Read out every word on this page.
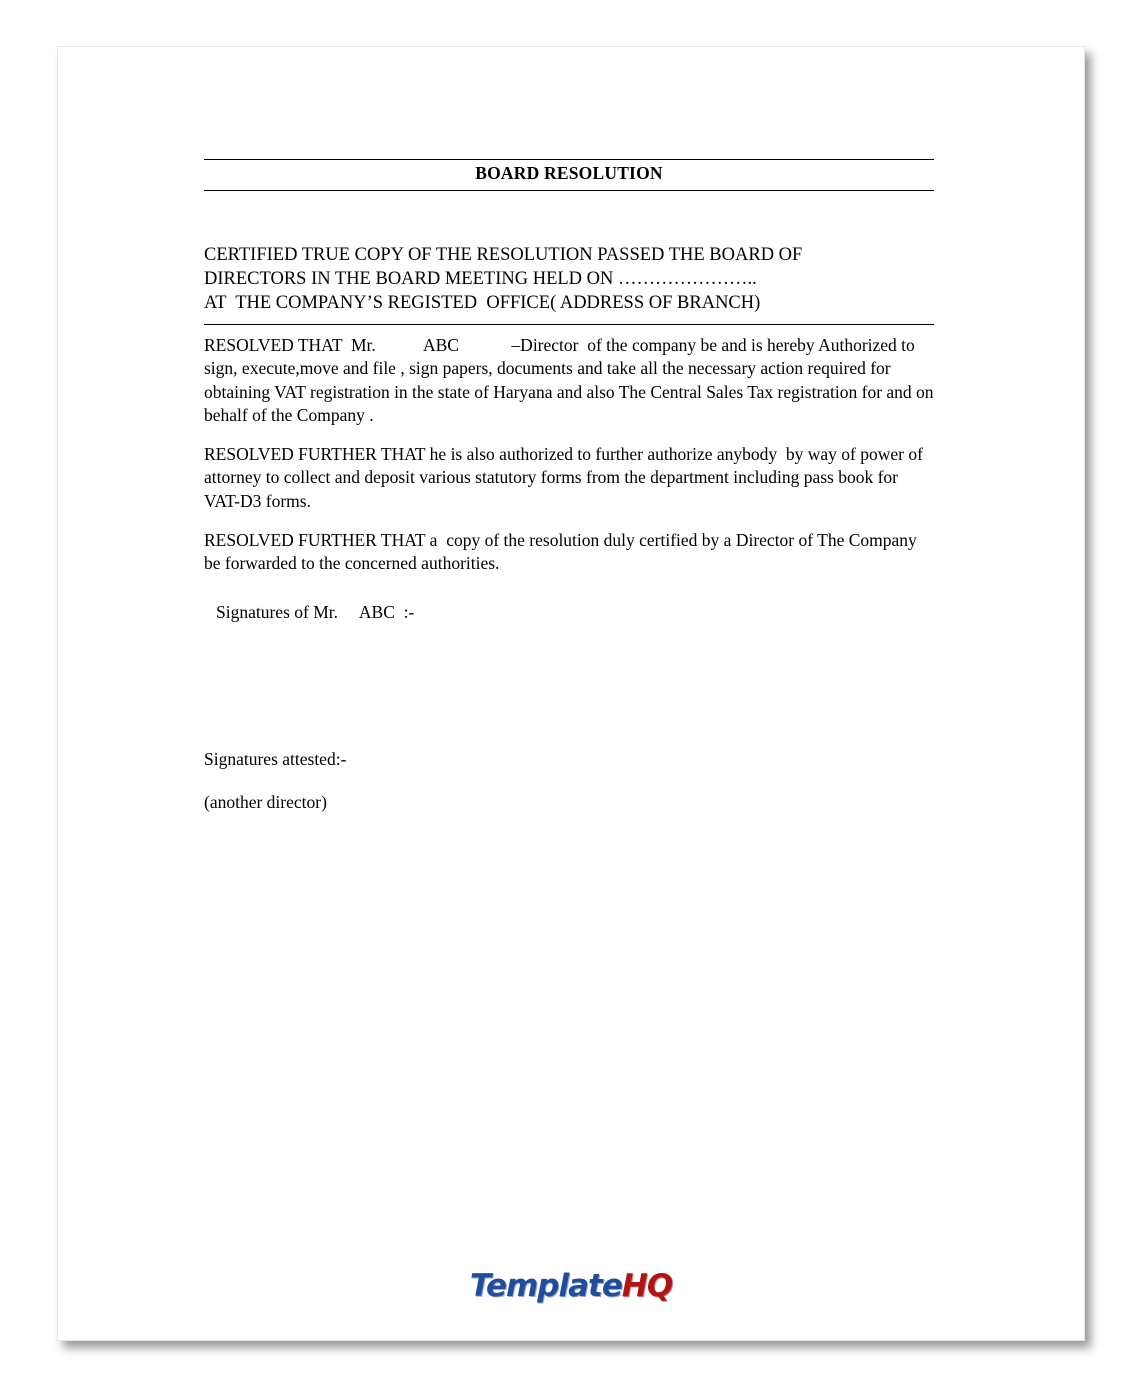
BOARD RESOLUTION
CERTIFIED TRUE COPY OF THE RESOLUTION PASSED THE BOARD OF
DIRECTORS IN THE BOARD MEETING HELD ON …………………..
AT  THE COMPANY’S REGISTED  OFFICE( ADDRESS OF BRANCH)
RESOLVED THAT  Mr.           ABC            –Director  of the company be and is hereby Authorized to sign, execute,move and file , sign papers, documents and take all the necessary action required for obtaining VAT registration in the state of Haryana and also The Central Sales Tax registration for and on behalf of the Company .
RESOLVED FURTHER THAT he is also authorized to further authorize anybody  by way of power of attorney to collect and deposit various statutory forms from the department including pass book for VAT-D3 forms.
RESOLVED FURTHER THAT a  copy of the resolution duly certified by a Director of The Company be forwarded to the concerned authorities.
Signatures of Mr.     ABC  :-
Signatures attested:-
(another director)
TemplateHQ
